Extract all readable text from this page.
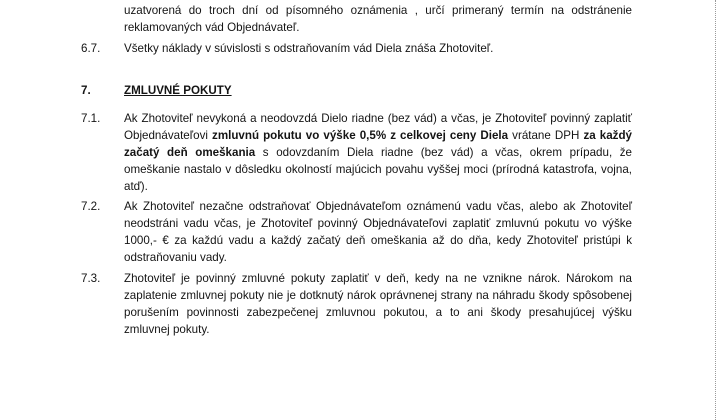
uzatvorená do troch dní od písomného oznámenia , určí primeraný termín na odstránenie
reklamovaných vád Objednávateľ.
6.7. Všetky náklady v súvislosti s odstraňovaním vád Diela znáša Zhotoviteľ.
7.	ZMLUVNÉ POKUTY
7.1. Ak Zhotoviteľ nevykoná a neodovzdá Dielo riadne (bez vád) a včas, je Zhotoviteľ povinný zaplatiť
Objednávateľovi zmluvnú pokutu vo výške 0,5% z celkovej ceny Diela vrátane DPH za každý
začatý deň omeškania s odovzdaním Diela riadne (bez vád) a včas, okrem prípadu, že
omeškanie nastalo v dôsledku okolností majúcich povahu vyššej moci (prírodná katastrofa, vojna,
atď).
7.2. Ak Zhotoviteľ nezačne odstraňovať Objednávateľom oznámenú vadu včas, alebo ak Zhotoviteľ
neodstráni vadu včas, je Zhotoviteľ povinný Objednávateľovi zaplatiť zmluvnú pokutu vo výške
1000,- € za každú vadu a každý začatý deň omeškania až do dňa, kedy Zhotoviteľ pristúpi k
odstraňovaniu vady.
7.3. Zhotoviteľ je povinný zmluvné pokuty zaplatiť v deň, kedy na ne vznikne nárok. Nárokom na
zaplatenie zmluvnej pokuty nie je dotknutý nárok oprávnenej strany na náhradu škody spôsobenej
porušením povinnosti zabezpečenej zmluvnou pokutou, a to ani škody presahujúcej výšku
zmluvnej pokuty.
